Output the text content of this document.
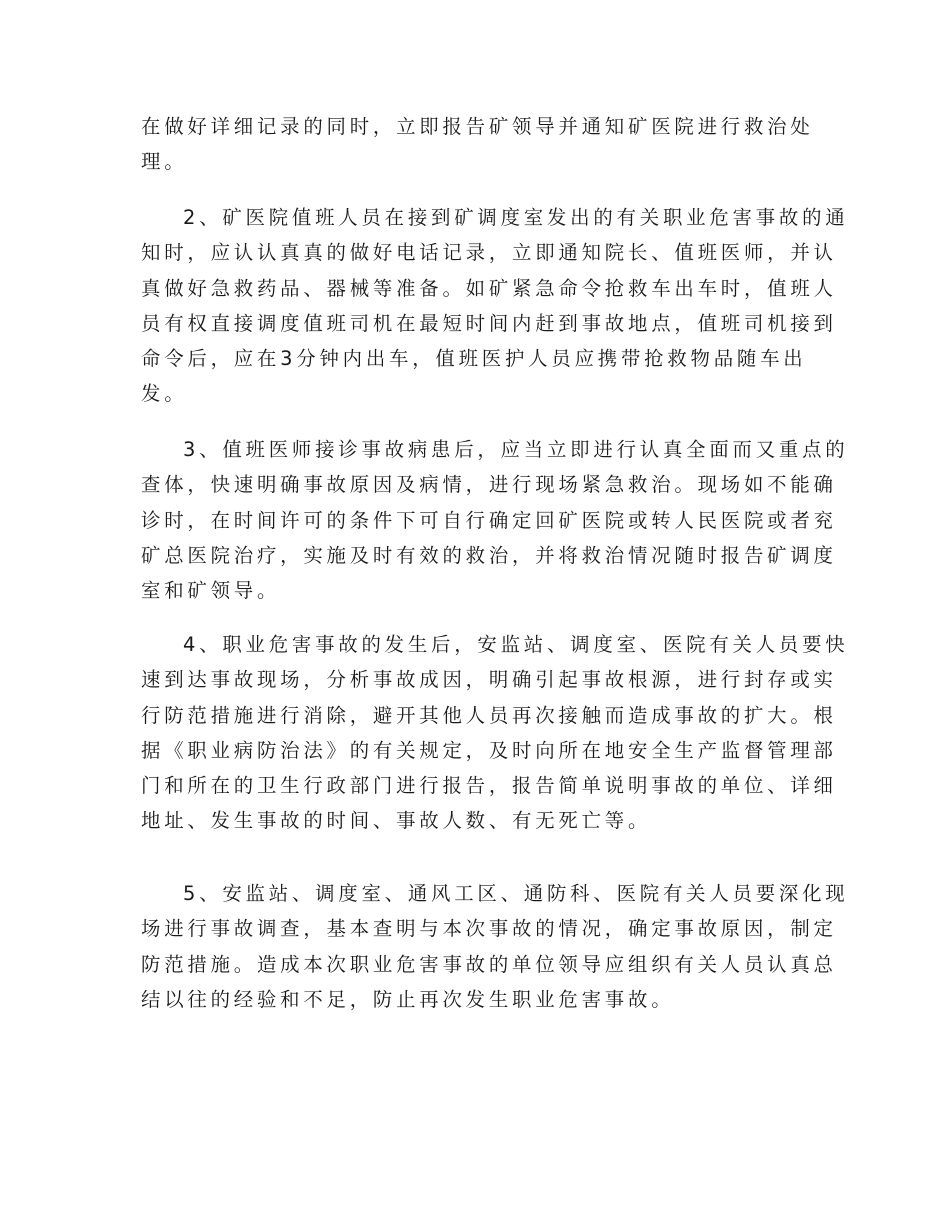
在做好详细记录的同时，立即报告矿领导并通知矿医院进行救治处
理。

2、矿医院值班人员在接到矿调度室发出的有关职业危害事故的通
知时，应认认真真的做好电话记录，立即通知院长、值班医师，并认
真做好急救药品、器械等准备。如矿紧急命令抢救车出车时，值班人
员有权直接调度值班司机在最短时间内赶到事故地点，值班司机接到
命令后，应在3分钟内出车，值班医护人员应携带抢救物品随车出
发。

3、值班医师接诊事故病患后，应当立即进行认真全面而又重点的
查体，快速明确事故原因及病情，进行现场紧急救治。现场如不能确
诊时，在时间许可的条件下可自行确定回矿医院或转人民医院或者兖
矿总医院治疗，实施及时有效的救治，并将救治情况随时报告矿调度
室和矿领导。

4、职业危害事故的发生后，安监站、调度室、医院有关人员要快
速到达事故现场，分析事故成因，明确引起事故根源，进行封存或实
行防范措施进行消除，避开其他人员再次接触而造成事故的扩大。根
据《职业病防治法》的有关规定，及时向所在地安全生产监督管理部
门和所在的卫生行政部门进行报告，报告简单说明事故的单位、详细
地址、发生事故的时间、事故人数、有无死亡等。

5、安监站、调度室、通风工区、通防科、医院有关人员要深化现
场进行事故调查，基本查明与本次事故的情况，确定事故原因，制定
防范措施。造成本次职业危害事故的单位领导应组织有关人员认真总
结以往的经验和不足，防止再次发生职业危害事故。
